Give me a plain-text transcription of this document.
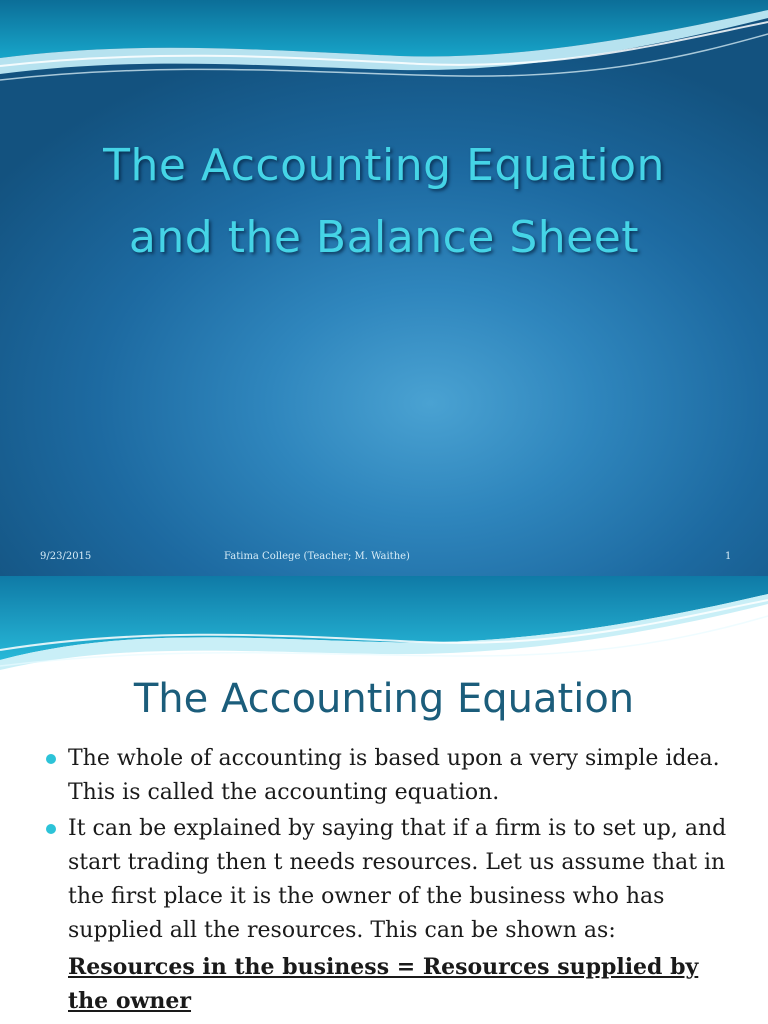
The Accounting Equation
and the Balance Sheet
9/23/2015	Fatima College (Teacher; M. Waithe)	1
The Accounting Equation
The whole of accounting is based upon a very simple idea. This is called the accounting equation.
It can be explained by saying that if a firm is to set up, and start trading then t needs resources. Let us assume that in the first place it is the owner of the business who has supplied all the resources. This can be shown as:
Resources in the business = Resources supplied by the owner
